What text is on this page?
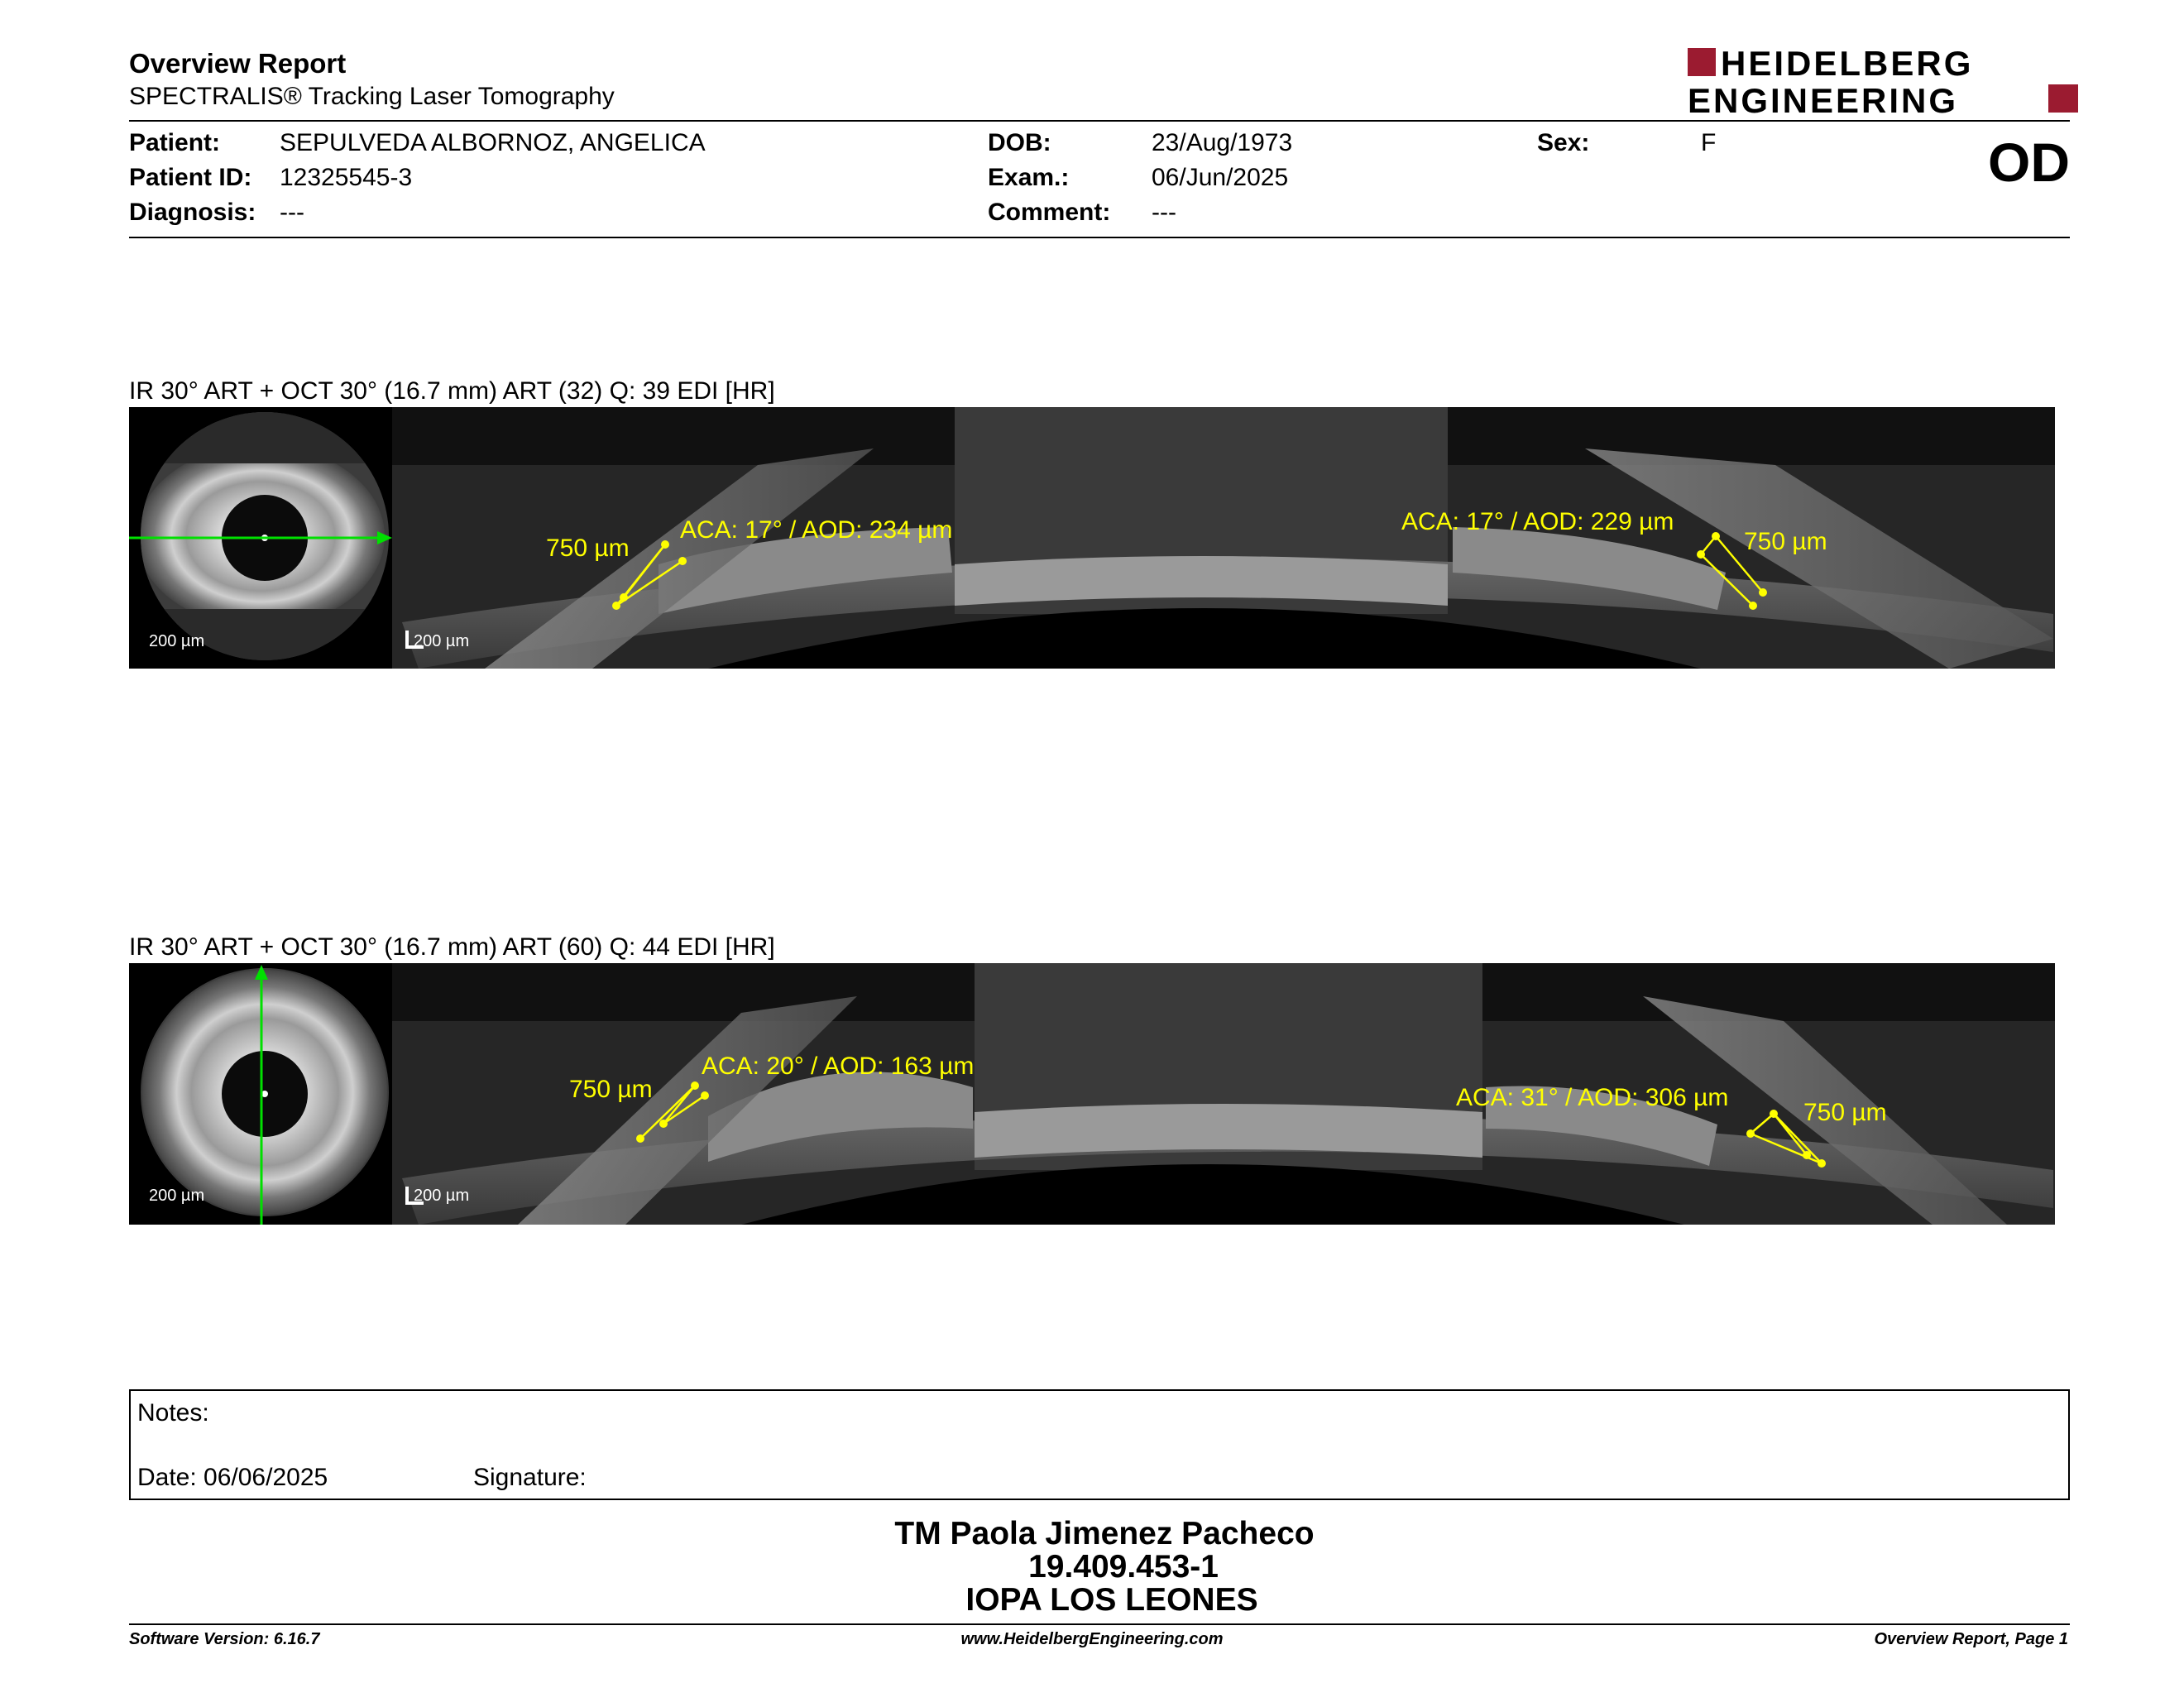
Overview Report
SPECTRALIS® Tracking Laser Tomography
HEIDELBERG
ENGINEERING
Patient: SEPULVEDA ALBORNOZ, ANGELICA
Patient ID: 12325545-3
Diagnosis: ---
DOB:	23/Aug/1973
Exam.:	06/Jun/2025
Comment: ---
Sex:	F	OD
IR 30° ART + OCT 30° (16.7 mm) ART (32) Q: 39 EDI [HR]
750 µm
ACA: 17° / AOD: 234 µm	ACA: 17° / AOD: 229 µm
750 µm
200 µm	200 µm
IR 30° ART + OCT 30° (16.7 mm) ART (60) Q: 44 EDI [HR]
750 µm
ACA: 20° / AOD: 163 µm
ACA: 31° / AOD: 306 µm
750 µm
200 µm	200 µm
Notes:
Date: 06/06/2025	Signature:
TM Paola Jimenez Pacheco
19.409.453-1
IOPA LOS LEONES
Software Version: 6.16.7	www.HeidelbergEngineering.com	Overview Report, Page 1
